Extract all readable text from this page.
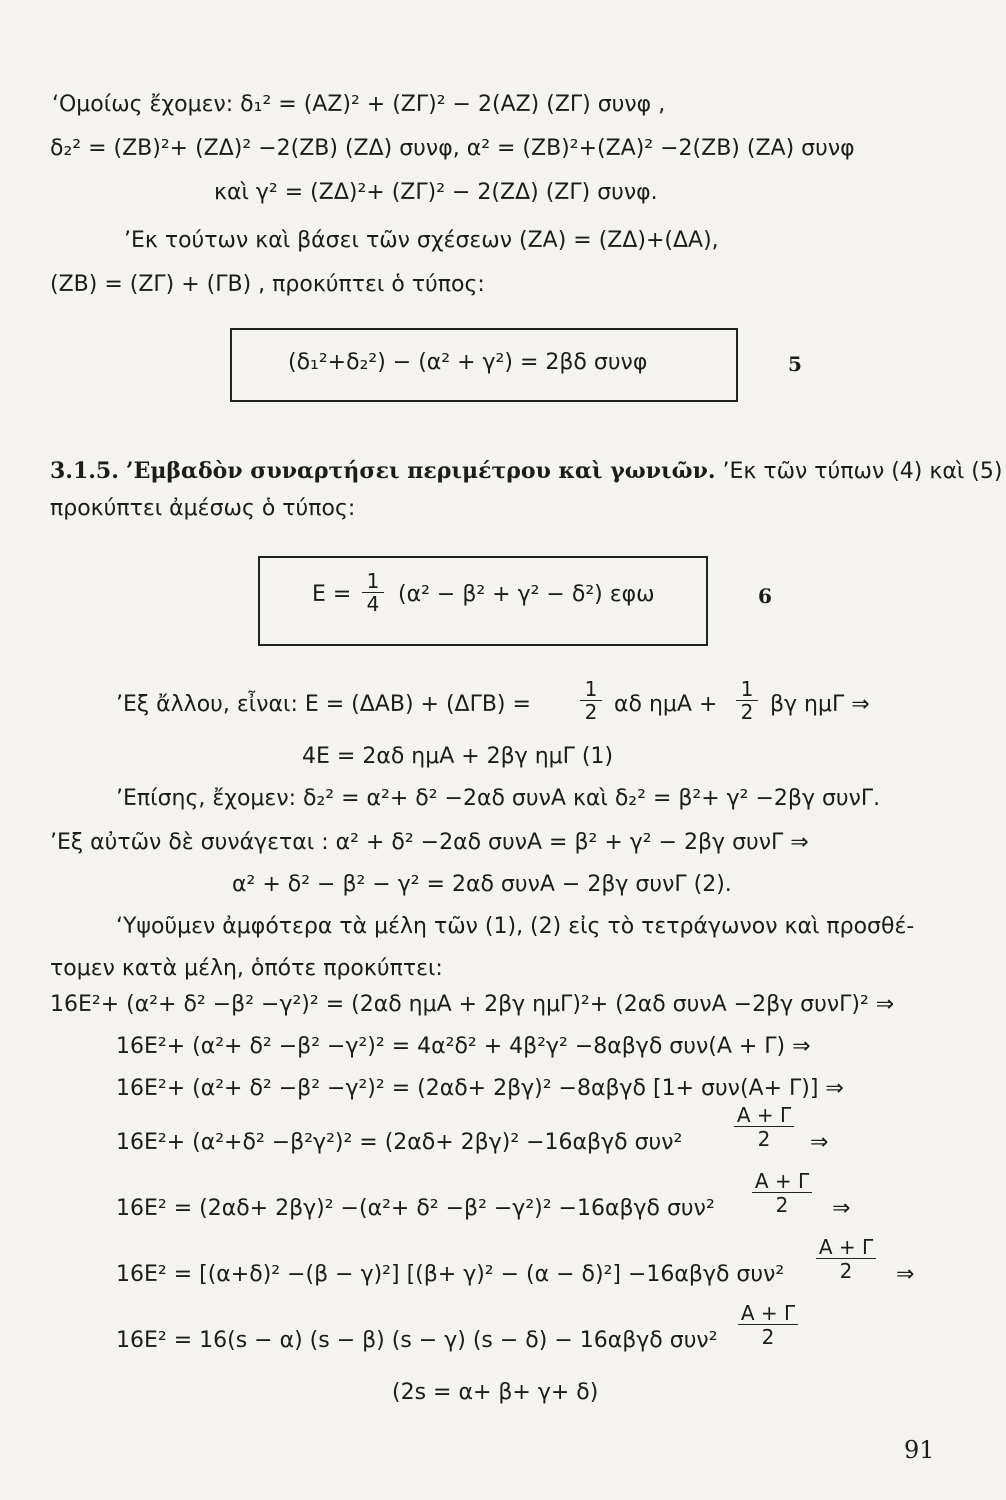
‘Ομοίως ἔχομεν: δ₁² = (ΑΖ)² + (ΖΓ)² − 2(ΑΖ) (ΖΓ) συνφ ,
δ₂² = (ΖΒ)²+ (ΖΔ)² −2(ΖΒ) (ΖΔ) συνφ, α² = (ΖΒ)²+(ΖΑ)² −2(ΖΒ) (ΖΑ) συνφ
καὶ γ² = (ΖΔ)²+ (ΖΓ)² − 2(ΖΔ) (ΖΓ) συνφ.
’Εκ τούτων καὶ βάσει τῶν σχέσεων (ΖΑ) = (ΖΔ)+(ΔΑ),
(ΖΒ) = (ΖΓ) + (ΓΒ) , προκύπτει ὁ τύπος:
(δ₁²+δ₂²) − (α² + γ²) = 2βδ συνφ	5
3.1.5. ’Εμβαδὸν συναρτήσει περιμέτρου καὶ γωνιῶν. ’Εκ τῶν τύπων (4) καὶ (5)
προκύπτει ἀμέσως ὁ τύπος:
$E = \frac{1}{4} (\alpha^2 - \beta^2 + \gamma^2 - \delta^2)$ εφω	6
’Εξ ἄλλου, εἶναι: $E = (\Delta AB) + (\Delta\Gamma B) = \frac{1}{2}$ αδ $\eta\mu A + \frac{1}{2}$ βγ ημΓ ⇒
4Ε = 2αδ ημΑ + 2βγ ημΓ (1)
’Επίσης, ἔχομεν: δ₂² = α²+ δ² −2αδ συνΑ καὶ δ₂² = β²+ γ² −2βγ συνΓ.
’Εξ αὐτῶν δὲ συνάγεται : α² + δ² −2αδ συνΑ = β² + γ² − 2βγ συνΓ ⇒
α² + δ² − β² − γ² = 2αδ συνΑ − 2βγ συνΓ (2).
‘Υψοῦμεν ἀμφότερα τὰ μέλη τῶν (1), (2) εἰς τὸ τετράγωνον καὶ προσθέ-
τομεν κατὰ μέλη, ὁπότε προκύπτει:
16Ε²+ (α²+ δ² −β² −γ²)² = (2αδ ημΑ + 2βγ ημΓ)²+ (2αδ συνΑ −2βγ συνΓ)² ⇒
16Ε²+ (α²+ δ² −β² −γ²)² = 4α²δ² + 4β²γ² −8αβγδ συν(Α + Γ) ⇒
16Ε²+ (α²+ δ² −β² −γ²)² = (2αδ+ 2βγ)² −8αβγδ [1+ συν(Α+ Γ)] ⇒
16Ε²+ (α²+δ² −β²γ²)² = (2αδ+ 2βγ)² −16αβγδ συν²	$\frac{A + \Gamma}{2}$ ⇒
16Ε² = (2αδ+ 2βγ)² −(α²+ δ² −β² −γ²)² −16αβγδ $\sigma\upsilon\nu^2 \frac{A + \Gamma}{2}$ ⇒
16Ε² = [(α+δ)² −(β − γ)²] [(β+ γ)² − (α − δ)²] −16αβγδ $\sigma\upsilon\nu^2 \frac{A + \Gamma}{2}$ ⇒
16Ε² = 16(s − α) (s − β) (s − γ) (s − δ) − 16αβγδ $\sigma\upsilon\nu^2 \frac{A + \Gamma}{2}$
(2s = α+ β+ γ+ δ)
91
